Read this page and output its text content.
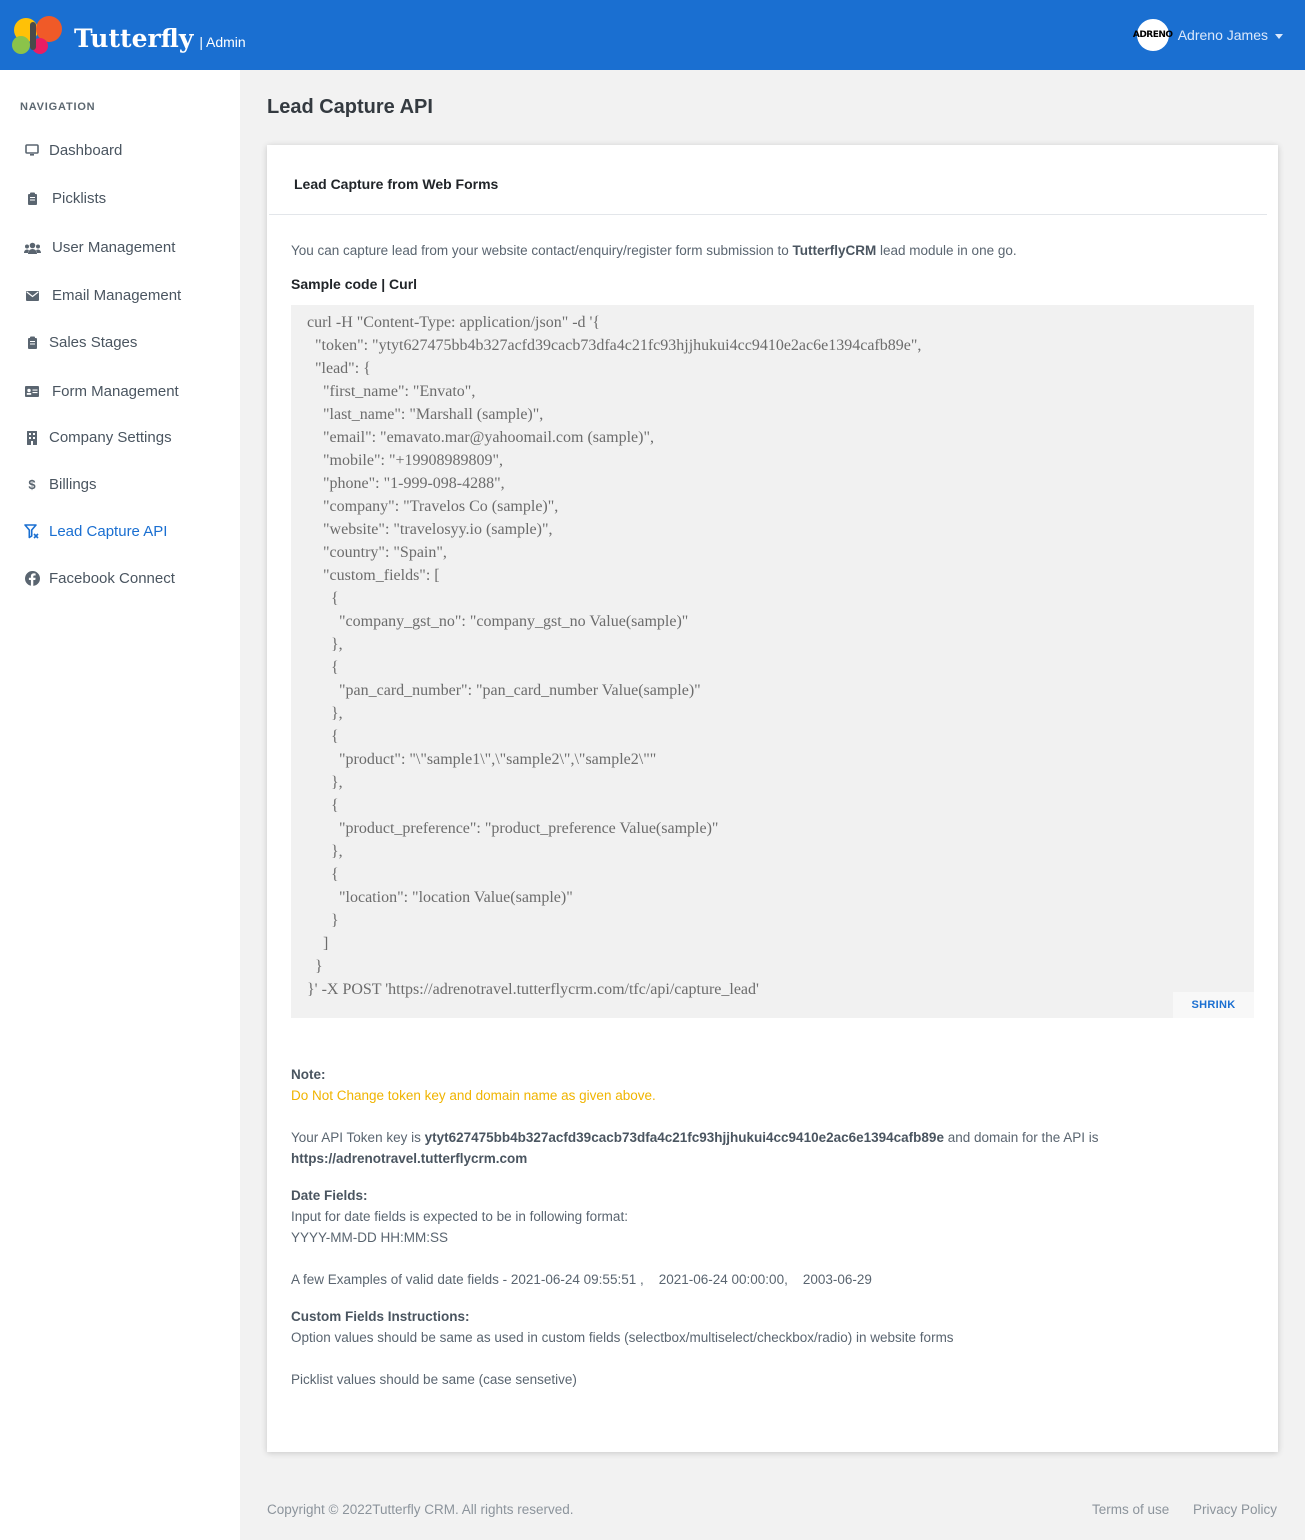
Tutterfly | Admin	ADRENO Adreno James
NAVIGATION
Dashboard
Picklists
User Management
Email Management
Sales Stages
Form Management
Company Settings
$ Billings
Lead Capture API
Facebook Connect
Lead Capture API
Lead Capture from Web Forms
You can capture lead from your website contact/enquiry/register form submission to TutterflyCRM lead module in one go.
Sample code | Curl
curl -H "Content-Type: application/json" -d '{
"token": "ytyt627475bb4b327acfd39cacb73dfa4c21fc93hjjhukui4cc9410e2ac6e1394cafb89e",
"lead": {
"first_name": "Envato",
"last_name": "Marshall (sample)",
"email": "emavato.mar@yahoomail.com (sample)",
"mobile": "+19908989809",
"phone": "1-999-098-4288",
"company": "Travelos Co (sample)",
"website": "travelosyy.io (sample)",
"country": "Spain",
"custom_fields": [
{
"company_gst_no": "company_gst_no Value(sample)"
},
{
"pan_card_number": "pan_card_number Value(sample)"
},
{
"product": "\"sample1\",\"sample2\",\"sample2\""
},
{
"product_preference": "product_preference Value(sample)"
},
{
"location": "location Value(sample)"
}
]
}
}' -X POST 'https://adrenotravel.tutterflycrm.com/tfc/api/capture_lead'
SHRINK
Note:
Do Not Change token key and domain name as given above.
Your API Token key is ytyt627475bb4b327acfd39cacb73dfa4c21fc93hjjhukui4cc9410e2ac6e1394cafb89e and domain for the API is
https://adrenotravel.tutterflycrm.com
Date Fields:
Input for date fields is expected to be in following format:
YYYY-MM-DD HH:MM:SS
A few Examples of valid date fields - 2021-06-24 09:55:51 ,    2021-06-24 00:00:00,    2003-06-29
Custom Fields Instructions:
Option values should be same as used in custom fields (selectbox/multiselect/checkbox/radio) in website forms
Picklist values should be same (case sensetive)
Copyright © 2022Tutterfly CRM. All rights reserved.	Terms of use Privacy Policy
